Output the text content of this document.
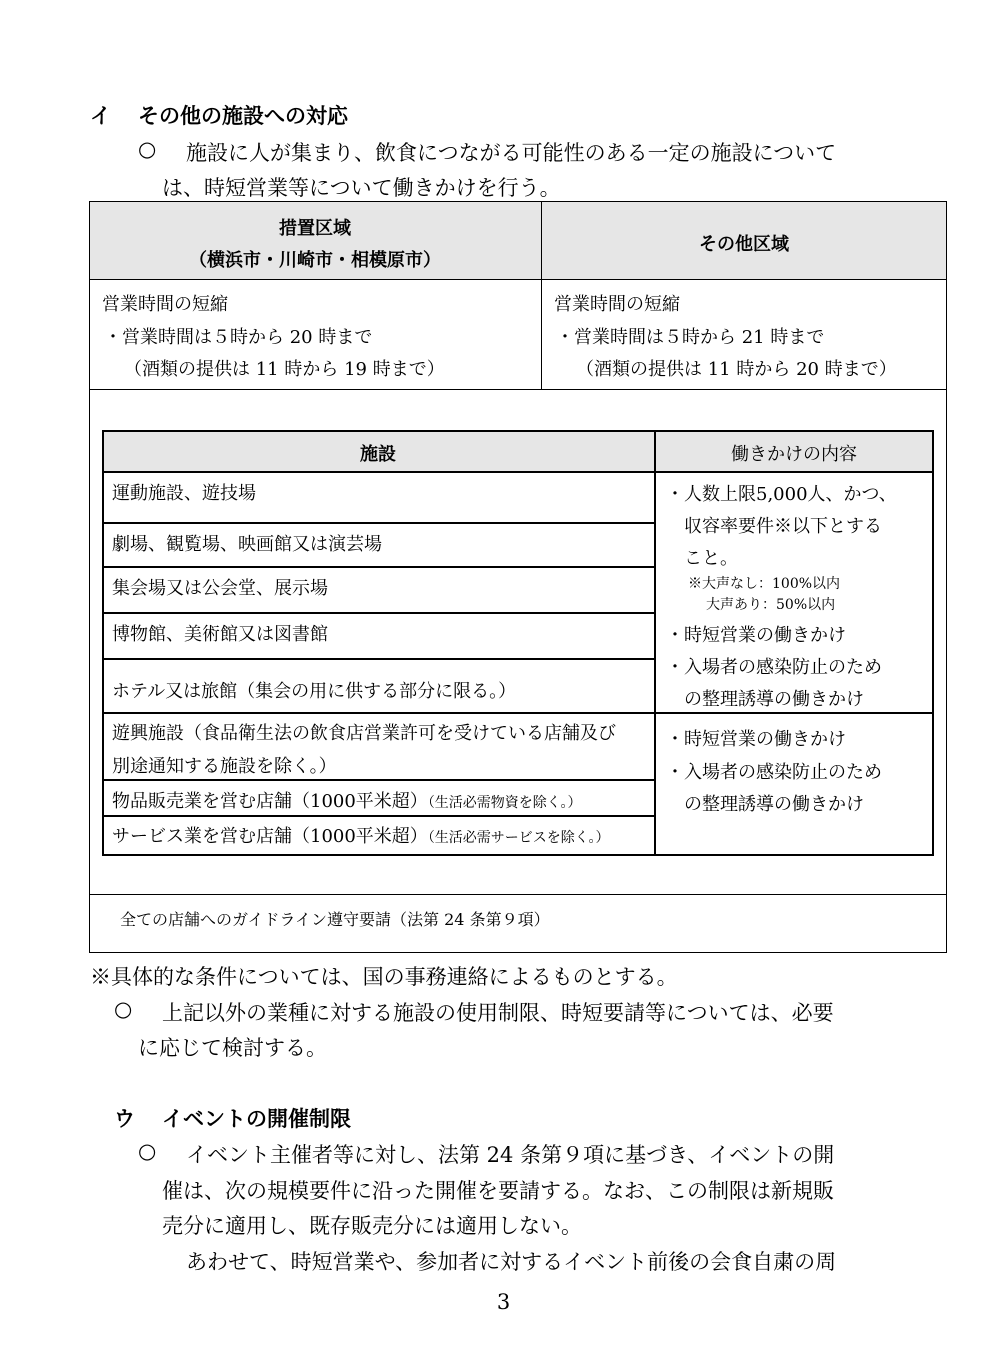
イ その他の施設への対応
○ 施設に人が集まり、飲食につながる可能性のある一定の施設について
は、時短営業等について働きかけを行う。
措置区域
（横浜市・川崎市・相模原市）
その他区域
営業時間の短縮
・営業時間は５時から 20 時まで
（酒類の提供は 11 時から 19 時まで）
営業時間の短縮
・営業時間は５時から 21 時まで
（酒類の提供は 11 時から 20 時まで）
全ての店舗へのガイドライン遵守要請（法第 24 条第９項）
施設	働きかけの内容
運動施設、遊技場
劇場、観覧場、映画館又は演芸場
集会場又は公会堂、展示場
博物館、美術館又は図書館
ホテル又は旅館（集会の用に供する部分に限る。）
遊興施設（食品衛生法の飲食店営業許可を受けている店舗及び
別途通知する施設を除く。）
物品販売業を営む店舗（1000平米超）（生活必需物資を除く。）
サービス業を営む店舗（1000平米超）（生活必需サービスを除く。）
・人数上限5,000人、かつ、
収容率要件※以下とする
こと。
※大声なし：100%以内
大声あり：50%以内
・時短営業の働きかけ
・入場者の感染防止のため
の整理誘導の働きかけ
・時短営業の働きかけ
・入場者の感染防止のため
の整理誘導の働きかけ
※具体的な条件については、国の事務連絡によるものとする。
○ 上記以外の業種に対する施設の使用制限、時短要請等については、必要
に応じて検討する。
ウ イベントの開催制限
○ イベント主催者等に対し、法第 24 条第９項に基づき、イベントの開
催は、次の規模要件に沿った開催を要請する。なお、この制限は新規販
売分に適用し、既存販売分には適用しない。
あわせて、時短営業や、参加者に対するイベント前後の会食自粛の周
3
